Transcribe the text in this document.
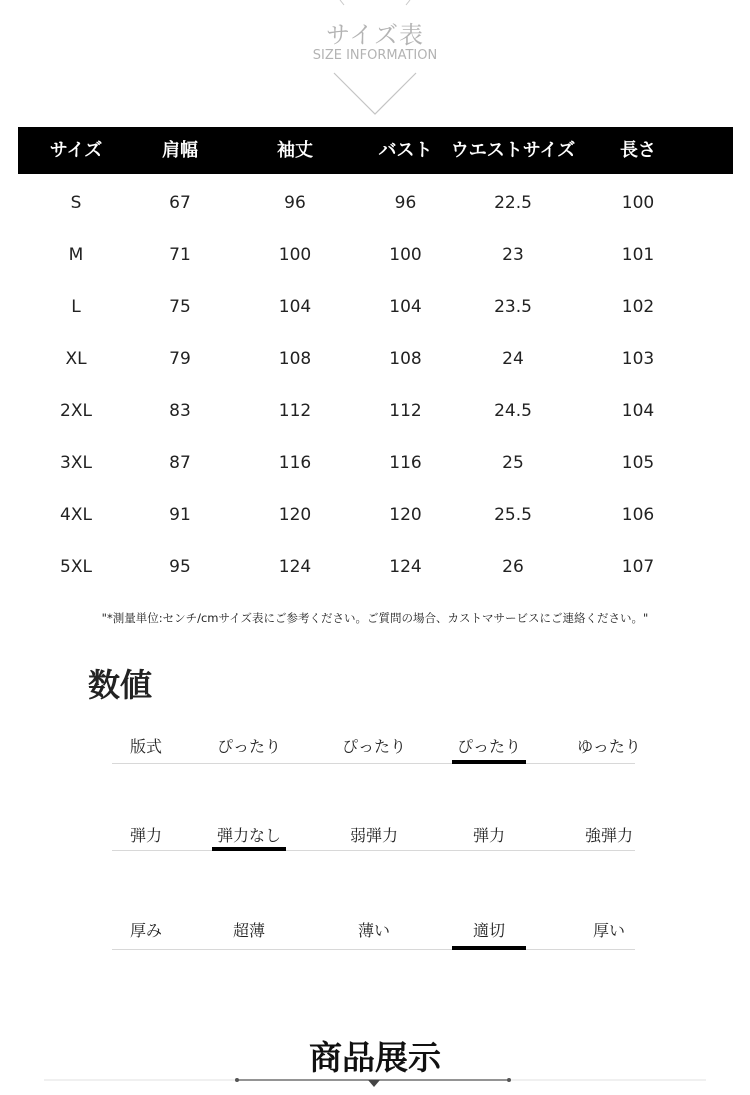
サイズ表
SIZE INFORMATION
サイズ	肩幅	袖丈	バスト	ウエストサイズ	長さ
S	67	96	96	22.5	100
M	71	100	100	23	101
L	75	104	104	23.5	102
XL	79	108	108	24	103
2XL	83	112	112	24.5	104
3XL	87	116	116	25	105
4XL	91	120	120	25.5	106
5XL	95	124	124	26	107
"*測量単位:センチ/cmサイズ表にご参考ください。ご質問の場合、カストマサービスにご連絡ください。"
数値
版式	ぴったり	ぴったり	ぴったり	ゆったり
弾力	弾力なし	弱弾力	弾力	強弾力
厚み	超薄	薄い	適切	厚い
商品展示
